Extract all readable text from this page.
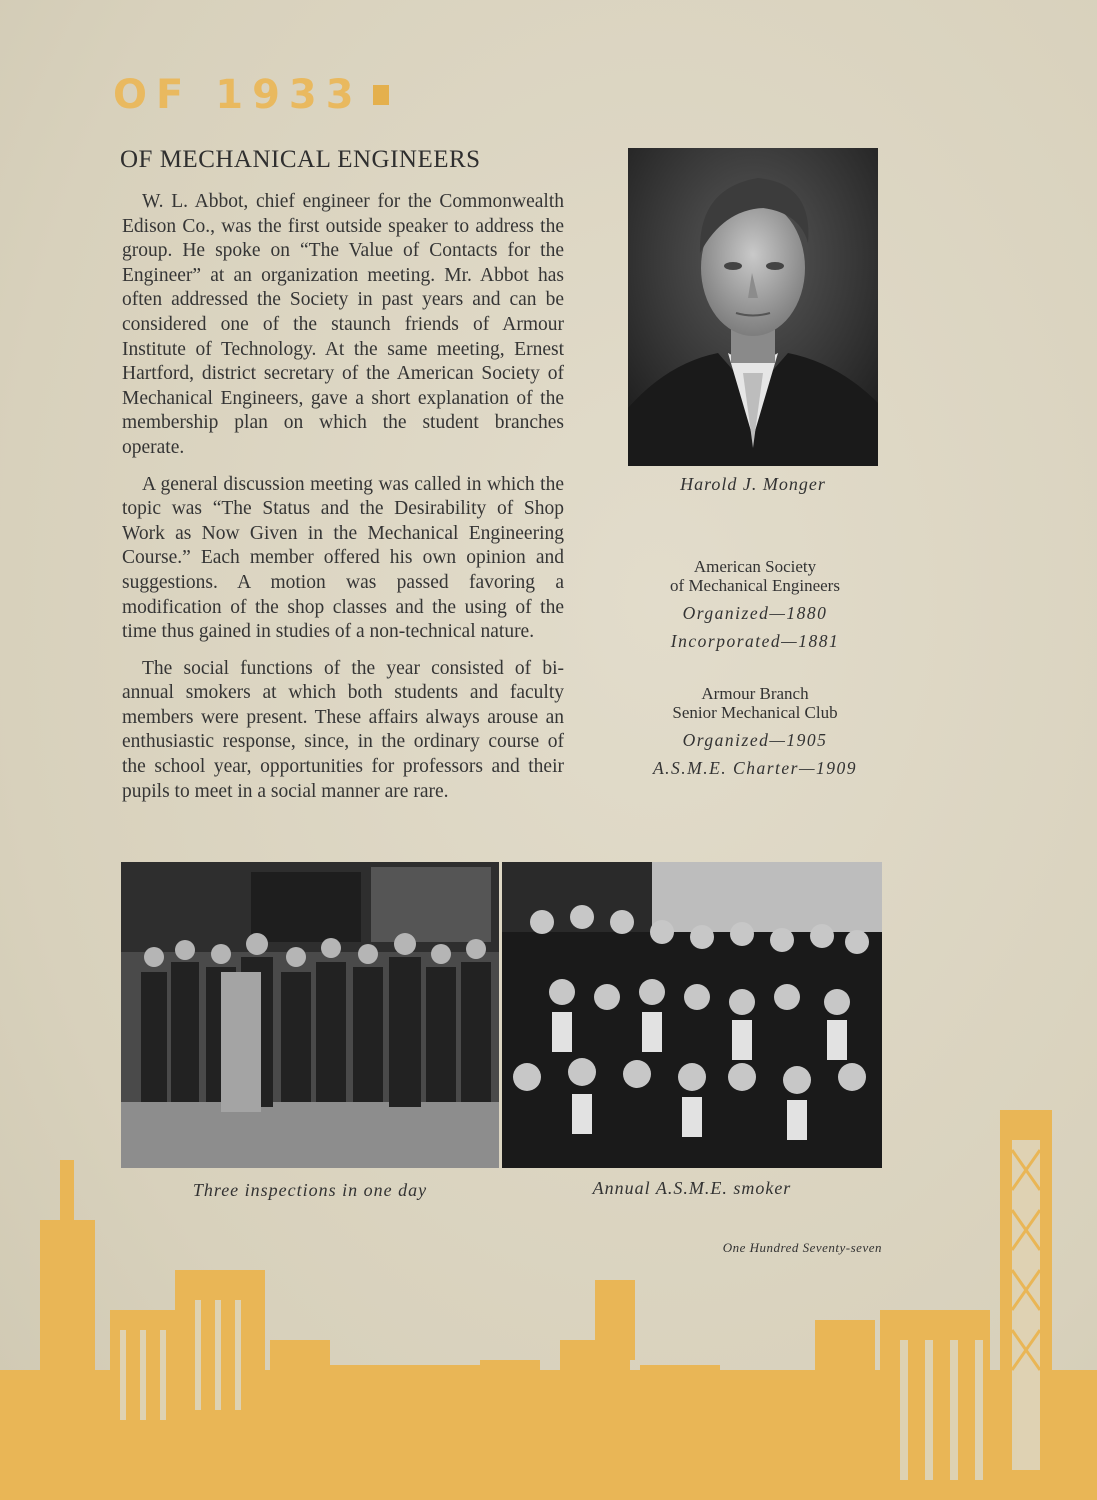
OF 1933
OF MECHANICAL ENGINEERS

W. L. Abbot, chief engineer for the Commonwealth Edison Co., was the first outside speaker to address the group. He spoke on “The Value of Contacts for the Engineer” at an organization meeting. Mr. Abbot has often addressed the Society in past years and can be considered one of the staunch friends of Armour Institute of Technology. At the same meeting, Ernest Hartford, district secretary of the American Society of Mechanical Engineers, gave a short explanation of the membership plan on which the student branches operate.

A general discussion meeting was called in which the topic was “The Status and the Desirability of Shop Work as Now Given in the Mechanical Engineering Course.” Each member offered his own opinion and suggestions. A motion was passed favoring a modification of the shop classes and the using of the time thus gained in studies of a non-technical nature.

The social functions of the year consisted of bi-annual smokers at which both students and faculty members were present. These affairs always arouse an enthusiastic response, since, in the ordinary course of the school year, opportunities for professors and their pupils to meet in a social manner are rare.

Harold J. Monger
American Society
of Mechanical Engineers
Organized—1880
Incorporated—1881
Armour Branch
Senior Mechanical Club
Organized—1905
A.S.M.E. Charter—1909
Three inspections in one day	Annual A.S.M.E. smoker
One Hundred Seventy-seven
